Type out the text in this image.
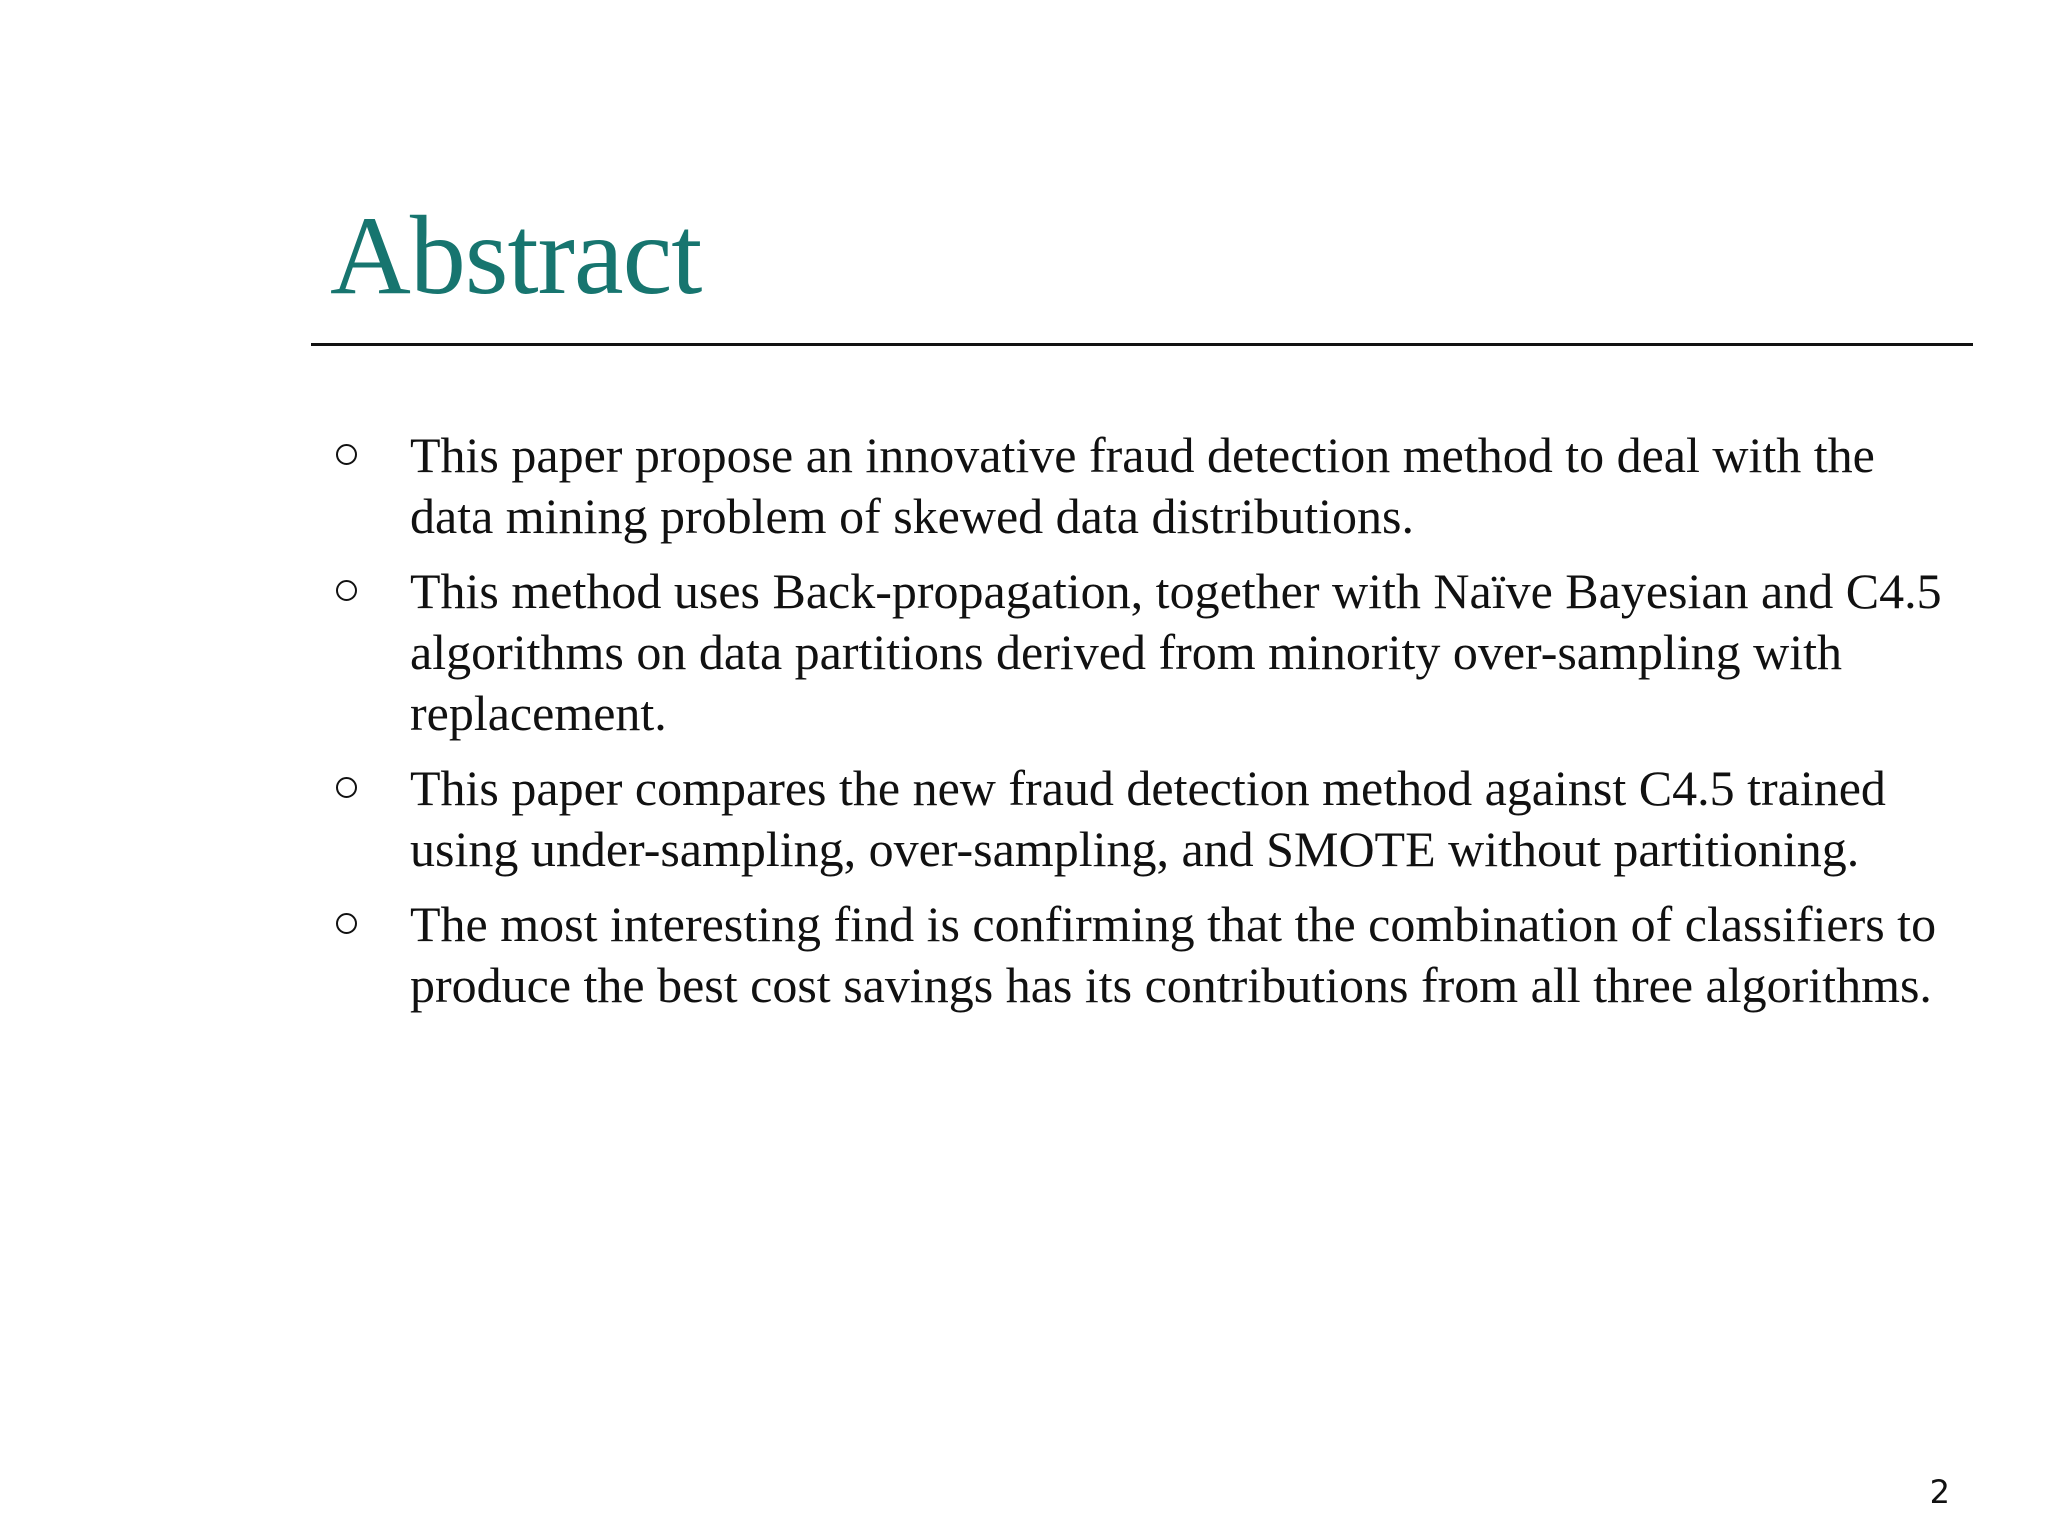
Abstract
This paper propose an innovative fraud detection method to deal with the data mining problem of skewed data distributions.
This method uses Back-propagation, together with Naïve Bayesian and C4.5 algorithms on data partitions derived from minority over-sampling with replacement.
This paper compares the new fraud detection method against C4.5 trained using under-sampling, over-sampling, and SMOTE without partitioning.
The most interesting find is confirming that the combination of classifiers to produce the best cost savings has its contributions from all three algorithms.
2
